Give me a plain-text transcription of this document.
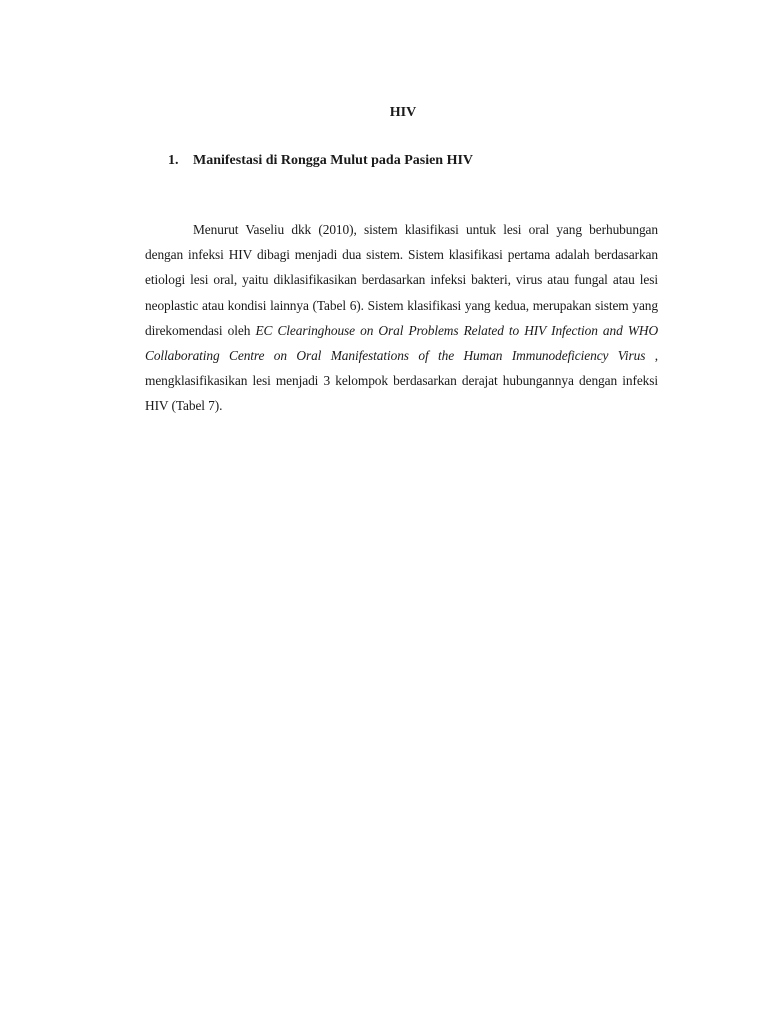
HIV
1. Manifestasi di Rongga Mulut pada Pasien HIV

Menurut Vaseliu dkk (2010), sistem klasifikasi untuk lesi oral yang berhubungan dengan infeksi HIV dibagi menjadi dua sistem. Sistem klasifikasi pertama adalah berdasarkan etiologi lesi oral, yaitu diklasifikasikan berdasarkan infeksi bakteri, virus atau fungal atau lesi neoplastic atau kondisi lainnya (Tabel 6). Sistem klasifikasi yang kedua, merupakan sistem yang direkomendasi oleh EC Clearinghouse on Oral Problems Related to HIV Infection and WHO Collaborating Centre on Oral Manifestations of the Human Immunodeficiency Virus , mengklasifikasikan lesi menjadi 3 kelompok berdasarkan derajat hubungannya dengan infeksi HIV (Tabel 7).
